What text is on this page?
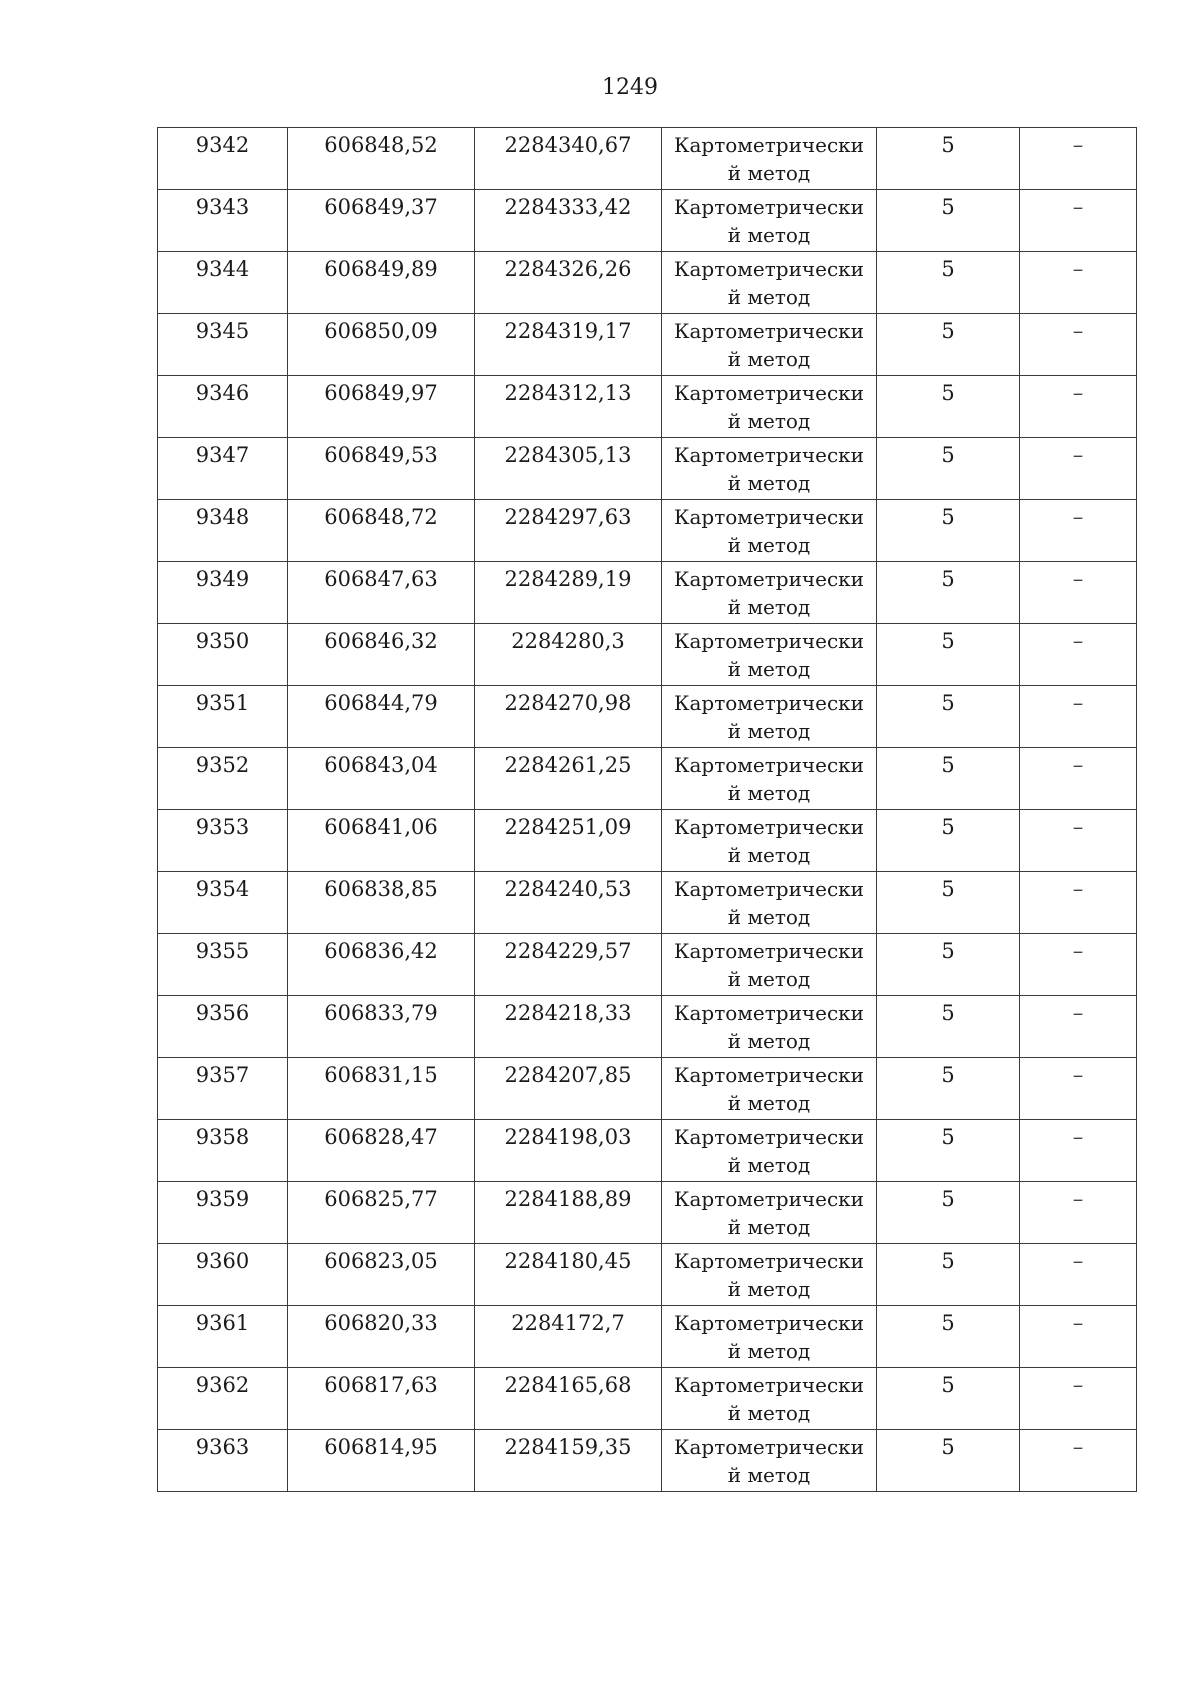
1249
9342	606848,52	2284340,67	Картометрически й метод	5	–
9343	606849,37	2284333,42	Картометрически й метод	5	–
9344	606849,89	2284326,26	Картометрически й метод	5	–
9345	606850,09	2284319,17	Картометрически й метод	5	–
9346	606849,97	2284312,13	Картометрически й метод	5	–
9347	606849,53	2284305,13	Картометрически й метод	5	–
9348	606848,72	2284297,63	Картометрически й метод	5	–
9349	606847,63	2284289,19	Картометрически й метод	5	–
9350	606846,32	2284280,3	Картометрически й метод	5	–
9351	606844,79	2284270,98	Картометрически й метод	5	–
9352	606843,04	2284261,25	Картометрически й метод	5	–
9353	606841,06	2284251,09	Картометрически й метод	5	–
9354	606838,85	2284240,53	Картометрически й метод	5	–
9355	606836,42	2284229,57	Картометрически й метод	5	–
9356	606833,79	2284218,33	Картометрически й метод	5	–
9357	606831,15	2284207,85	Картометрически й метод	5	–
9358	606828,47	2284198,03	Картометрически й метод	5	–
9359	606825,77	2284188,89	Картометрически й метод	5	–
9360	606823,05	2284180,45	Картометрически й метод	5	–
9361	606820,33	2284172,7	Картометрически й метод	5	–
9362	606817,63	2284165,68	Картометрически й метод	5	–
9363	606814,95	2284159,35	Картометрически й метод	5	–
